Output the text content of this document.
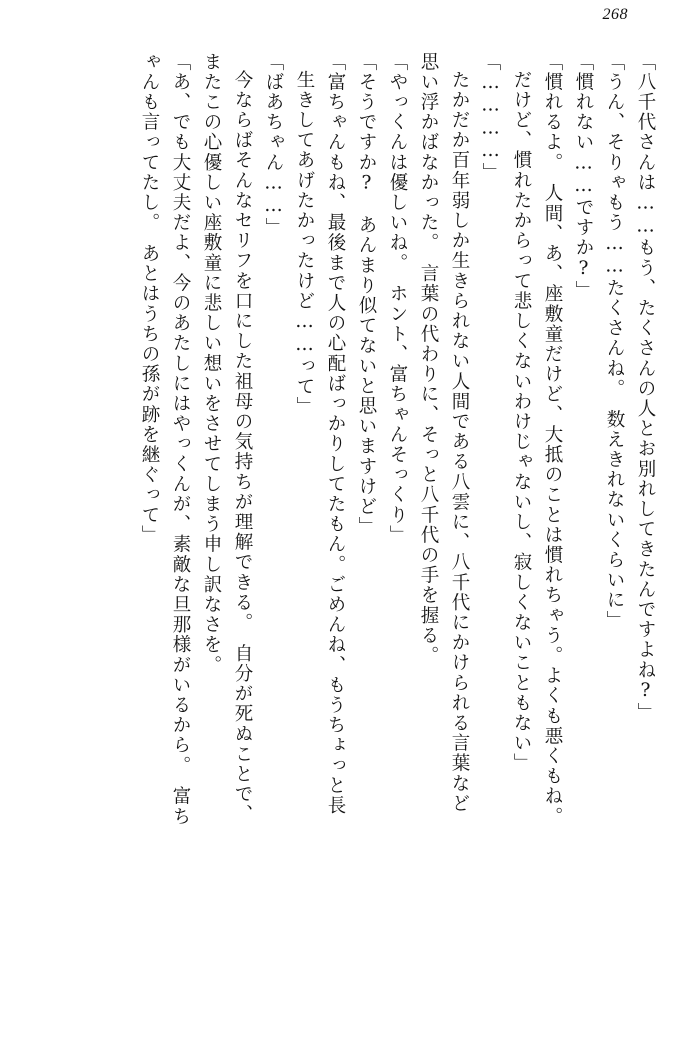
268
「八千代さんは……もう、たくさんの人とお別れしてきたんですよね?」
「うん、そりゃもう……たくさんね。　数えきれないくらいに」
「慣れない……ですか?」
「慣れるよ。　人間、あ、座敷童だけど、大抵のことは慣れちゃう。よくも悪くもね。
だけど、慣れたからって悲しくないわけじゃないし、寂しくないこともない」
「…………」
たかだか百年弱しか生きられない人間である八雲に、八千代にかけられる言葉など
思い浮かばなかった。　言葉の代わりに、そっと八千代の手を握る。
「やっくんは優しいね。　ホント、富ちゃんそっくり」
「そうですか?　あんまり似てないと思いますけど」
「富ちゃんもね、最後まで人の心配ばっかりしてたもん。ごめんね、もうちょっと長
生きしてあげたかったけど……って」
「ばあちゃん……」
今ならばそんなセリフを口にした祖母の気持ちが理解できる。　自分が死ぬことで、
またこの心優しい座敷童に悲しい想いをさせてしまう申し訳なさを。
「あ、でも大丈夫だよ、今のあたしにはやっくんが、素敵な旦那様がいるから。　富ち
ゃんも言ってたし。　あとはうちの孫が跡を継ぐって」
